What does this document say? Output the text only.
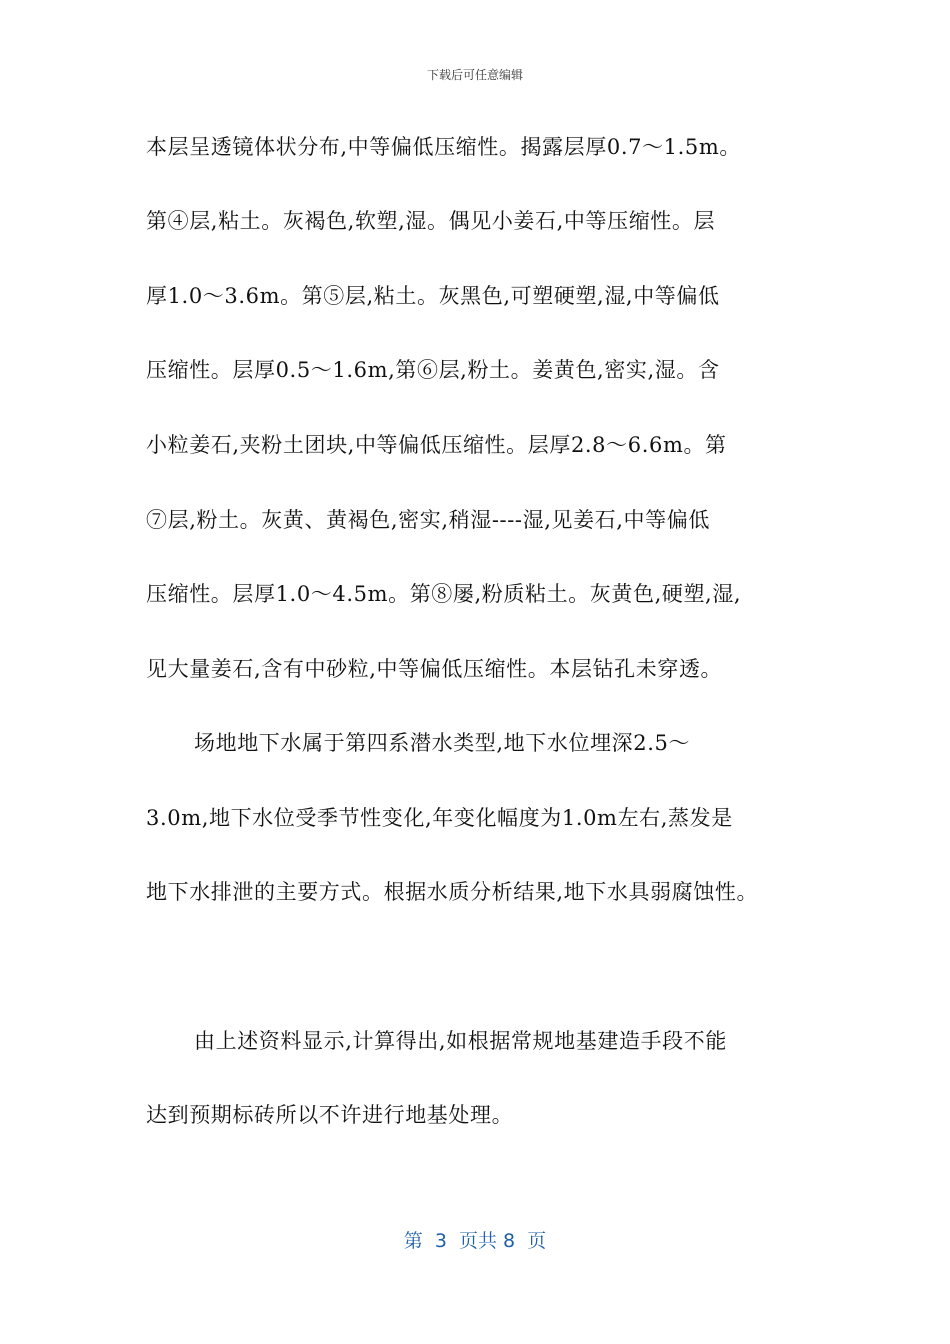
下载后可任意编辑
本层呈透镜体状分布,中等偏低压缩性。揭露层厚0.7～1.5m。
第④层,粘土。灰褐色,软塑,湿。偶见小姜石,中等压缩性。层
厚1.0～3.6m。第⑤层,粘土。灰黑色,可塑硬塑,湿,中等偏低
压缩性。层厚0.5～1.6m,第⑥层,粉土。姜黄色,密实,湿。含
小粒姜石,夹粉土团块,中等偏低压缩性。层厚2.8～6.6m。第
⑦层,粉土。灰黄、黄褐色,密实,稍湿----湿,见姜石,中等偏低
压缩性。层厚1.0～4.5m。第⑧屡,粉质粘土。灰黄色,硬塑,湿,
见大量姜石,含有中砂粒,中等偏低压缩性。本层钻孔未穿透。
场地地下水属于第四系潜水类型,地下水位埋深2.5～
3.0m,地下水位受季节性变化,年变化幅度为1.0m左右,蒸发是
地下水排泄的主要方式。根据水质分析结果,地下水具弱腐蚀性。
由上述资料显示,计算得出,如根据常规地基建造手段不能
达到预期标砖所以不许进行地基处理。
第  3  页共 8  页
